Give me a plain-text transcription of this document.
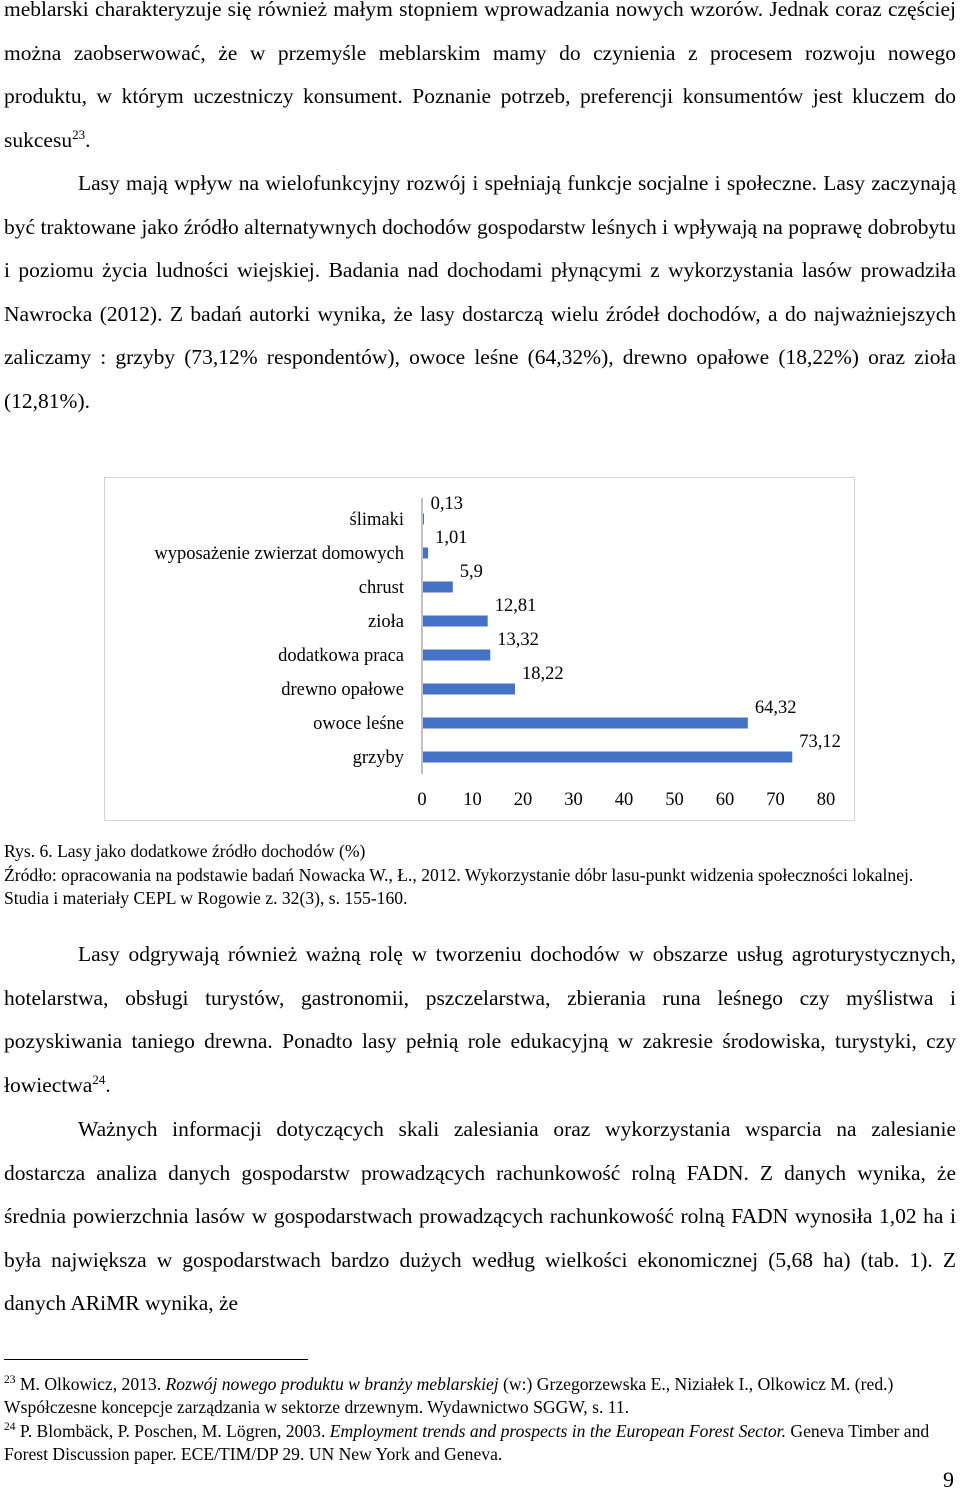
meblarski charakteryzuje się również małym stopniem wprowadzania nowych wzorów. Jednak coraz częściej można zaobserwować, że w przemyśle meblarskim mamy do czynienia z procesem rozwoju nowego produktu, w którym uczestniczy konsument. Poznanie potrzeb, preferencji konsumentów jest kluczem do sukcesu$^{23}$.

Lasy mają wpływ na wielofunkcyjny rozwój i spełniają funkcje socjalne i społeczne. Lasy zaczynają być traktowane jako źródło alternatywnych dochodów gospodarstw leśnych i wpływają na poprawę dobrobytu i poziomu życia ludności wiejskiej. Badania nad dochodami płynącymi z wykorzystania lasów prowadziła Nawrocka (2012). Z badań autorki wynika, że lasy dostarczą wielu źródeł dochodów, a do najważniejszych zaliczamy : grzyby (73,12% respondentów), owoce leśne (64,32%), drewno opałowe (18,22%) oraz zioła (12,81%).

ślimaki
0,13
wyposażenie zwierzat domowych
1,01
chrust
5,9
zioła
12,81
dodatkowa praca
13,32
drewno opałowe
18,22
owoce leśne
64,32
grzyby
73,12
0 10 20 30 40 50 60 70 80

Rys. 6. Lasy jako dodatkowe źródło dochodów (%)

Źródło: opracowania na podstawie badań Nowacka W., Ł., 2012. Wykorzystanie dóbr lasu-punkt widzenia społeczności lokalnej. Studia i materiały CEPL w Rogowie z. 32(3), s. 155-160.

Lasy odgrywają również ważną rolę w tworzeniu dochodów w obszarze usług agroturystycznych, hotelarstwa, obsługi turystów, gastronomii, pszczelarstwa, zbierania runa leśnego czy myślistwa i pozyskiwania taniego drewna. Ponadto lasy pełnią role edukacyjną w zakresie środowiska, turystyki, czy łowiectwa$^{24}$.

Ważnych informacji dotyczących skali zalesiania oraz wykorzystania wsparcia na zalesianie dostarcza analiza danych gospodarstw prowadzących rachunkowość rolną FADN. Z danych wynika, że średnia powierzchnia lasów w gospodarstwach prowadzących rachunkowość rolną FADN wynosiła 1,02 ha i była największa w gospodarstwach bardzo dużych według wielkości ekonomicznej (5,68 ha) (tab. 1). Z danych ARiMR wynika, że

$^{23}$ M. Olkowicz, 2013. Rozwój nowego produktu w branży meblarskiej (w:) Grzegorzewska E., Niziałek I., Olkowicz M. (red.) Współczesne koncepcje zarządzania w sektorze drzewnym. Wydawnictwo SGGW, s. 11.

$^{24}$ P. Blombäck, P. Poschen, M. Lögren, 2003. Employment trends and prospects in the European Forest Sector. Geneva Timber and Forest Discussion paper. ECE/TIM/DP 29. UN New York and Geneva.

9
